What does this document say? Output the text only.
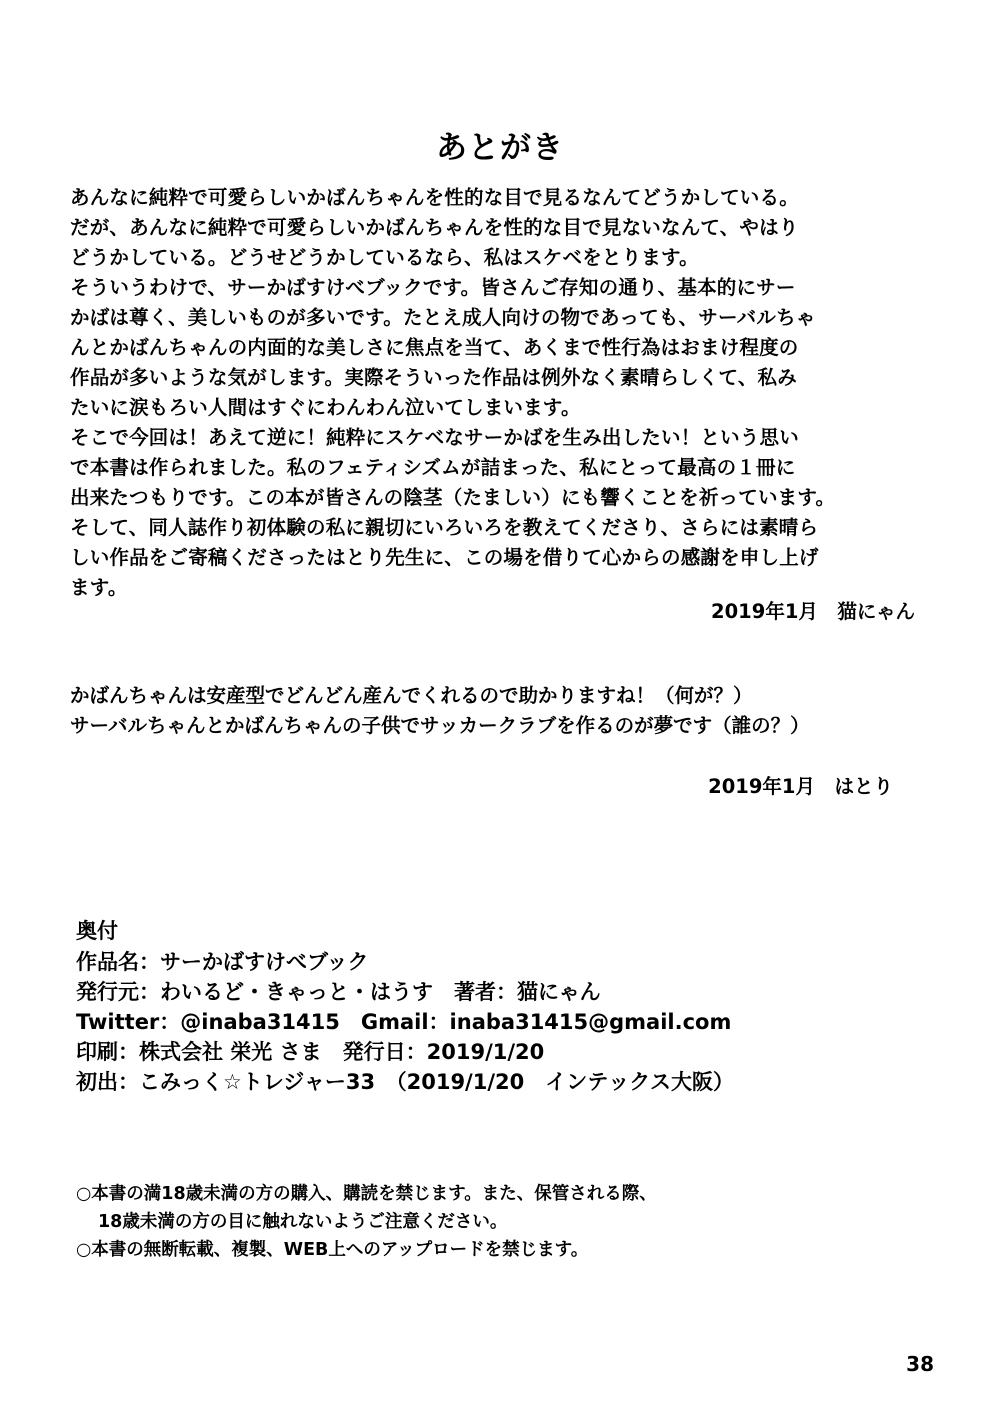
あとがき

あんなに純粋で可愛らしいかばんちゃんを性的な目で見るなんてどうかしている。

だが、あんなに純粋で可愛らしいかばんちゃんを性的な目で見ないなんて、やはり

どうかしている。どうせどうかしているなら、私はスケベをとります。

そういうわけで、サーかばすけべブックです。皆さんご存知の通り、基本的にサー

かばは尊く、美しいものが多いです。たとえ成人向けの物であっても、サーバルちゃ

んとかばんちゃんの内面的な美しさに焦点を当て、あくまで性行為はおまけ程度の

作品が多いような気がします。実際そういった作品は例外なく素晴らしくて、私み

たいに涙もろい人間はすぐにわんわん泣いてしまいます。

そこで今回は！あえて逆に！純粋にスケベなサーかばを生み出したい！という思い

で本書は作られました。私のフェティシズムが詰まった、私にとって最高の１冊に

出来たつもりです。この本が皆さんの陰茎（たましい）にも響くことを祈っています。

そして、同人誌作り初体験の私に親切にいろいろを教えてくださり、さらには素晴ら

しい作品をご寄稿くださったはとり先生に、この場を借りて心からの感謝を申し上げ

ます。

2019年1月　猫にゃん

かばんちゃんは安産型でどんどん産んでくれるので助かりますね！（何が？）

サーバルちゃんとかばんちゃんの子供でサッカークラブを作るのが夢です（誰の？）

2019年1月　はとり

奥付

作品名：サーかばすけべブック

発行元：わいるど・きゃっと・はうす　著者：猫にゃん

Twitter：@inaba31415　Gmail：inaba31415@gmail.com

印刷：株式会社 栄光 さま　発行日：2019/1/20

初出：こみっく☆トレジャー33　（2019/1/20　インテックス大阪）

○本書の満18歳未満の方の購入、購読を禁じます。また、保管される際、

18歳未満の方の目に触れないようご注意ください。

○本書の無断転載、複製、WEB上へのアップロードを禁じます。

38
